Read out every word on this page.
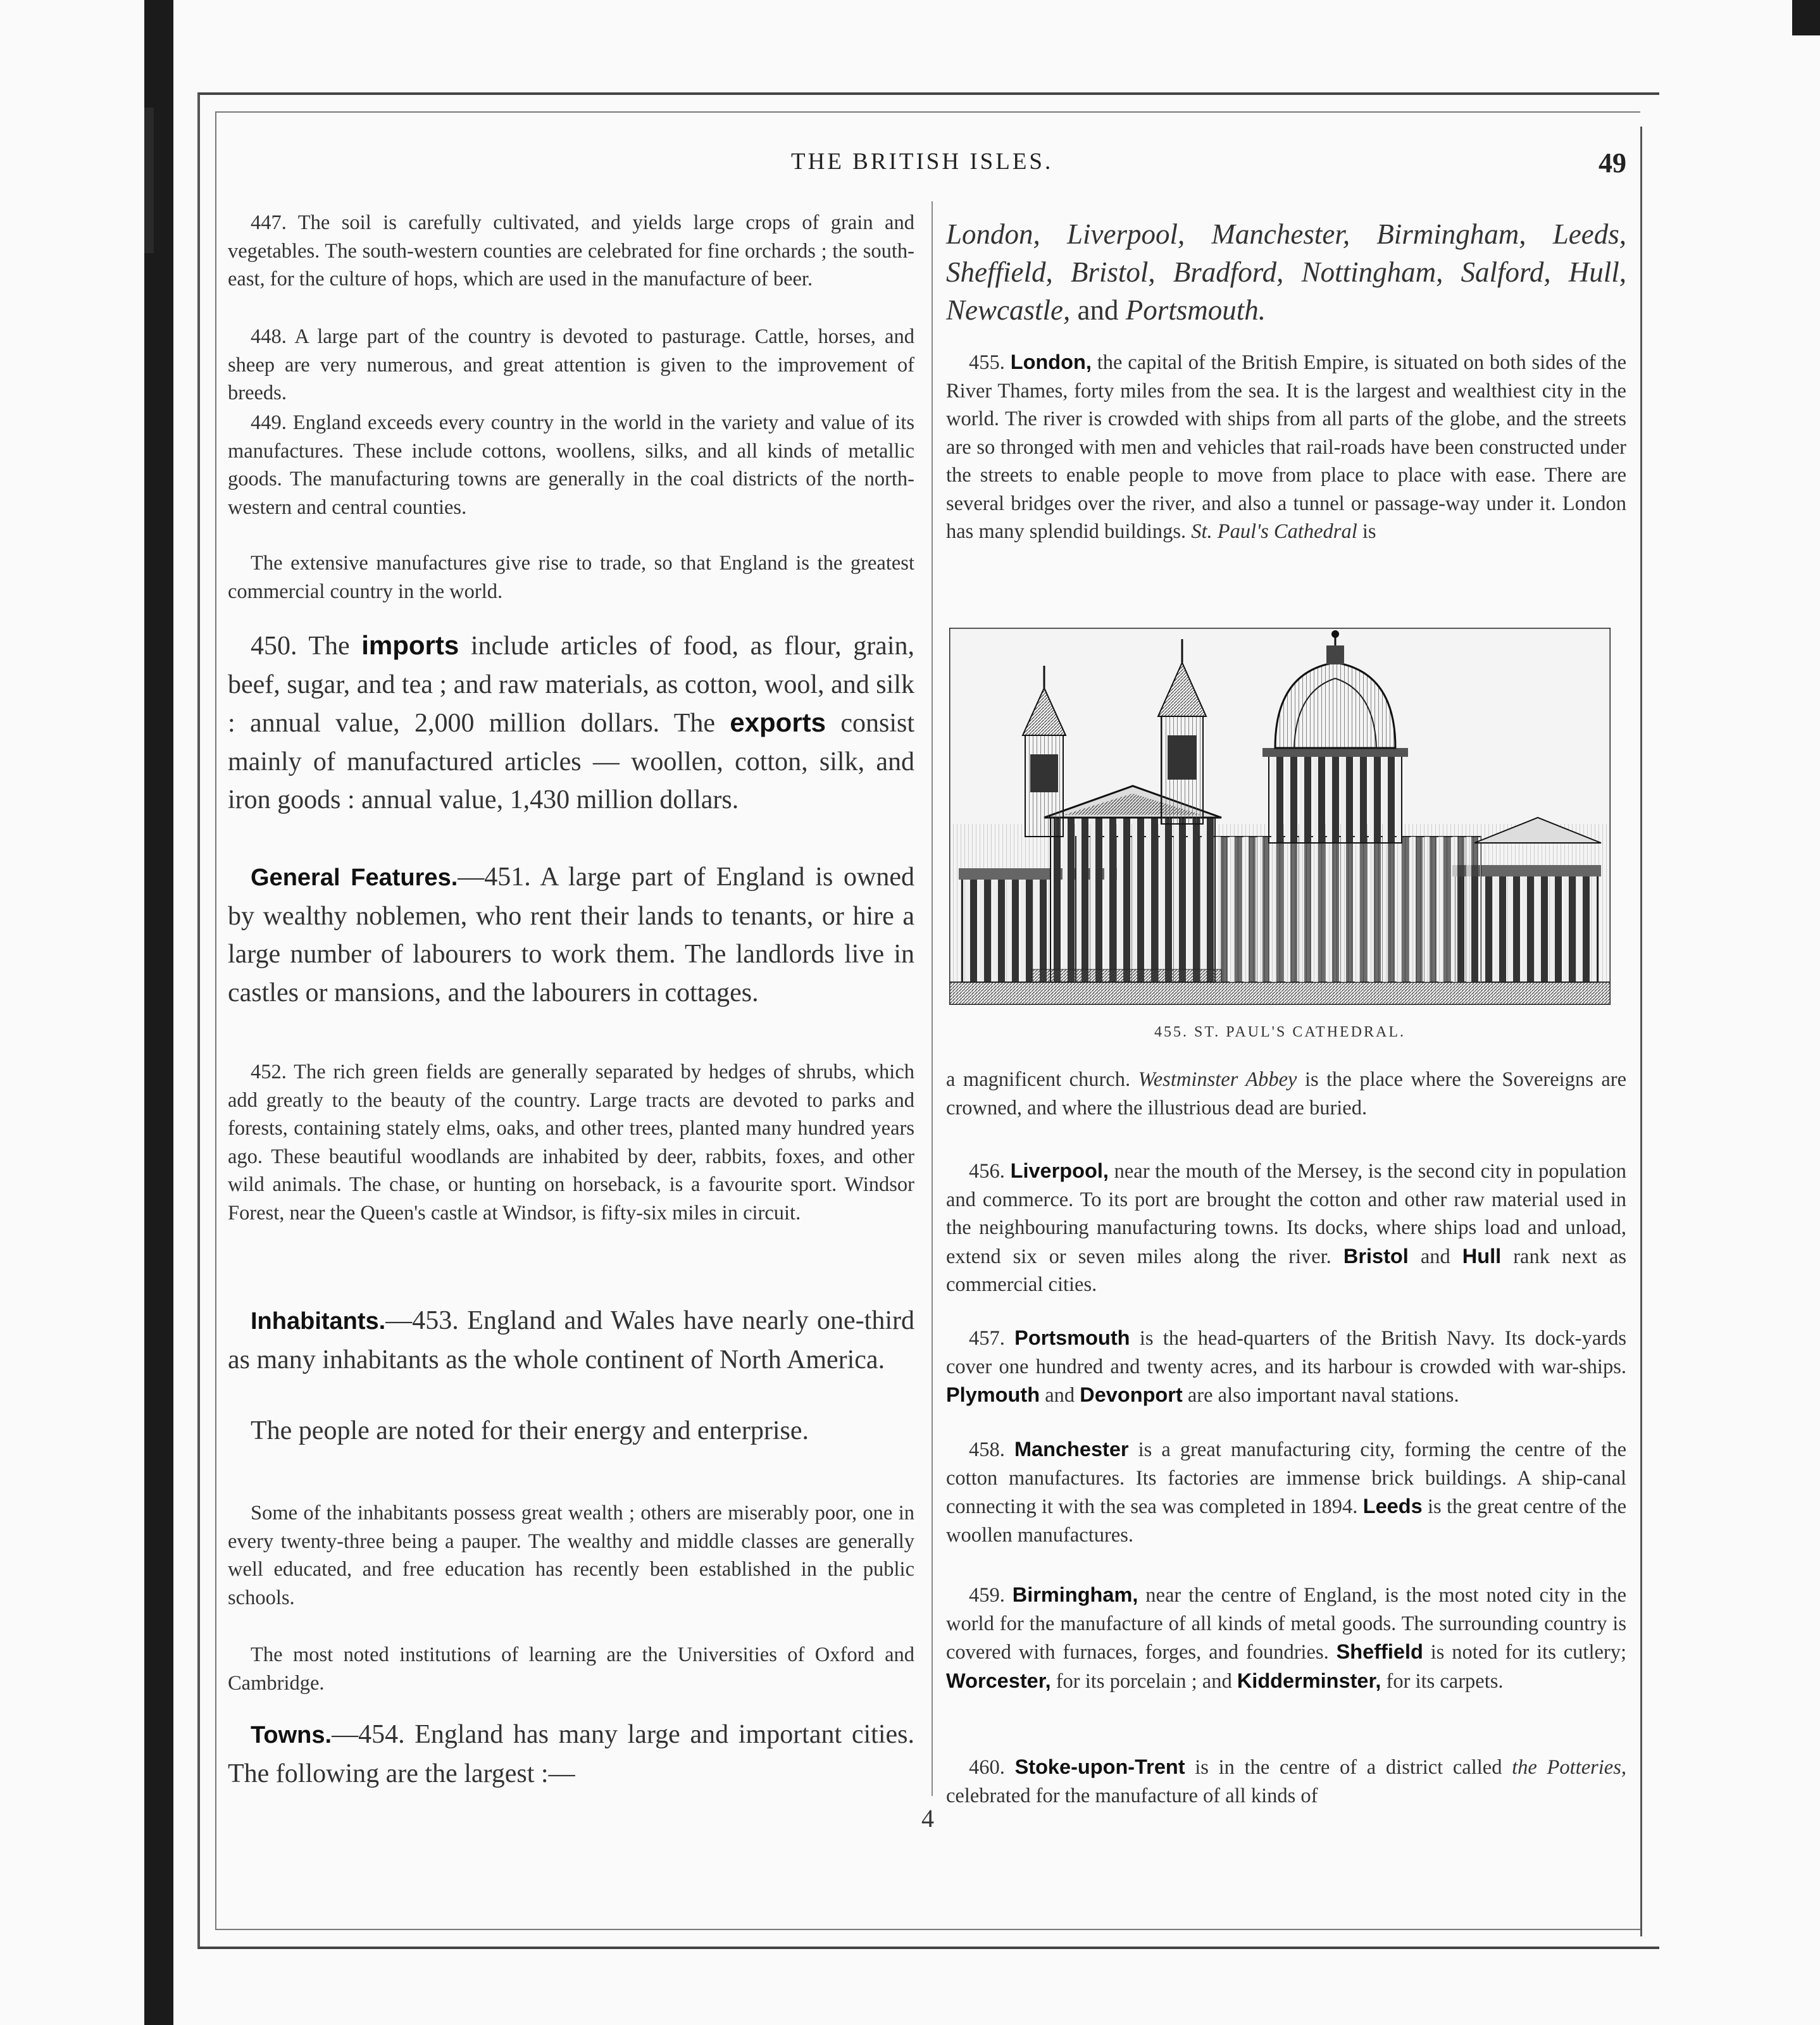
THE BRITISH ISLES.	49

447. The soil is carefully cultivated, and yields large crops of grain and vegetables. The south-western counties are celebrated for fine orchards ; the south-east, for the culture of hops, which are used in the manufacture of beer.

448. A large part of the country is devoted to pasturage. Cattle, horses, and sheep are very numerous, and great attention is given to the improvement of breeds.

449. England exceeds every country in the world in the variety and value of its manufactures. These include cottons, woollens, silks, and all kinds of metallic goods. The manufacturing towns are generally in the coal districts of the north-western and central counties.

The extensive manufactures give rise to trade, so that England is the greatest commercial country in the world.

450. The imports include articles of food, as flour, grain, beef, sugar, and tea ; and raw materials, as cotton, wool, and silk : annual value, 2,000 million dollars. The exports consist mainly of manufactured articles — woollen, cotton, silk, and iron goods : annual value, 1,430 million dollars.

General Features.—451. A large part of England is owned by wealthy noblemen, who rent their lands to tenants, or hire a large number of labourers to work them. The landlords live in castles or mansions, and the labourers in cottages.

452. The rich green fields are generally separated by hedges of shrubs, which add greatly to the beauty of the country. Large tracts are devoted to parks and forests, containing stately elms, oaks, and other trees, planted many hundred years ago. These beautiful woodlands are inhabited by deer, rabbits, foxes, and other wild animals. The chase, or hunting on horseback, is a favourite sport. Windsor Forest, near the Queen's castle at Windsor, is fifty-six miles in circuit.

Inhabitants.—453. England and Wales have nearly one-third as many inhabitants as the whole continent of North America.

The people are noted for their energy and enterprise.

Some of the inhabitants possess great wealth ; others are miserably poor, one in every twenty-three being a pauper. The wealthy and middle classes are generally well educated, and free education has recently been established in the public schools.

The most noted institutions of learning are the Universities of Oxford and Cambridge.

Towns.—454. England has many large and important cities. The following are the largest :—

London, Liverpool, Manchester, Birmingham, Leeds, Sheffield, Bristol, Bradford, Nottingham, Salford, Hull, Newcastle, and Portsmouth.

455. London, the capital of the British Empire, is situated on both sides of the River Thames, forty miles from the sea. It is the largest and wealthiest city in the world. The river is crowded with ships from all parts of the globe, and the streets are so thronged with men and vehicles that rail-roads have been constructed under the streets to enable people to move from place to place with ease. There are several bridges over the river, and also a tunnel or passage-way under it. London has many splendid buildings. St. Paul's Cathedral is

455. ST. PAUL'S CATHEDRAL.

a magnificent church. Westminster Abbey is the place where the Sovereigns are crowned, and where the illustrious dead are buried.

456. Liverpool, near the mouth of the Mersey, is the second city in population and commerce. To its port are brought the cotton and other raw material used in the neighbouring manufacturing towns. Its docks, where ships load and unload, extend six or seven miles along the river. Bristol and Hull rank next as commercial cities.

457. Portsmouth is the head-quarters of the British Navy. Its dock-yards cover one hundred and twenty acres, and its harbour is crowded with war-ships. Plymouth and Devonport are also important naval stations.

458. Manchester is a great manufacturing city, forming the centre of the cotton manufactures. Its factories are immense brick buildings. A ship-canal connecting it with the sea was completed in 1894. Leeds is the great centre of the woollen manufactures.

459. Birmingham, near the centre of England, is the most noted city in the world for the manufacture of all kinds of metal goods. The surrounding country is covered with furnaces, forges, and foundries. Sheffield is noted for its cutlery; Worcester, for its porcelain ; and Kidderminster, for its carpets.

460. Stoke-upon-Trent is in the centre of a district called the Potteries, celebrated for the manufacture of all kinds of

4
